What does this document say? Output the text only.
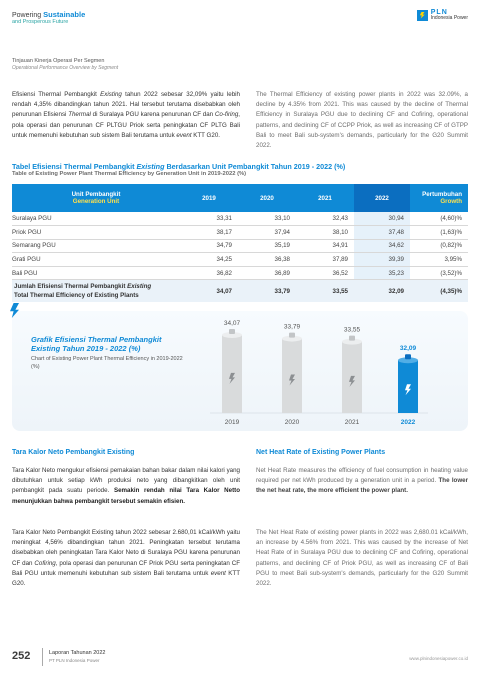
Powering Sustainable
and Prosperous Future
PLN
Indonesia Power
Tinjauan Kinerja Operasi Per Segmen
Operational Performance Overview by Segment
Efisiensi Thermal Pembangkit Existing tahun 2022 sebesar 32,09% yaitu lebih rendah 4,35% dibandingkan tahun 2021. Hal tersebut terutama disebabkan oleh penurunan Efisiensi Thermal di Suralaya PGU karena penurunan CF dan Co-firing, pola operasi dan penurunan CF PLTGU Priok serta peningkatan CF PLTG Bali untuk memenuhi kebutuhan sub sistem Bali terutama untuk event KTT G20.
The Thermal Efficiency of existing power plants in 2022 was 32.09%, a decline by 4.35% from 2021. This was caused by the decline of Thermal Efficiency in Suralaya PGU due to declining CF and Cofiring, operational patterns, and declining CF of CCPP Priok, as well as increasing CF of GTPP Bali to meet Bali sub-system's demands, particularly for the G20 Summit 2022.
Tabel Efisiensi Thermal Pembangkit Existing Berdasarkan Unit Pembangkit Tahun 2019 - 2022 (%)
Table of Existing Power Plant Thermal Efficiency by Generation Unit in 2019-2022 (%)
Unit Pembangkit
Generation Unit	2019	2020	2021	2022	Pertumbuhan
Growth

Suralaya PGU	33,31	33,10	32,43	30,94	(4,60)%
Priok PGU	38,17	37,94	38,10	37,48	(1,63)%
Semarang PGU	34,79	35,19	34,91	34,62	(0,82)%
Grati PGU	34,25	36,38	37,89	39,39	3,95%
Bali PGU	36,82	36,89	36,52	35,23	(3,52)%
Jumlah Efisiensi Thermal Pembangkit Existing
Total Thermal Efficiency of Existing Plants	34,07	33,79	33,55	32,09	(4,35)%
Grafik Efisiensi Thermal Pembangkit
Existing Tahun 2019 - 2022 (%)
Chart of Existing Power Plant Thermal Efficiency in 2019-2022 (%)
34,07
2019
33,79
2020
33,55
2021
32,09
2022
Tara Kalor Neto Pembangkit Existing	Net Heat Rate of Existing Power Plants
Tara Kalor Neto mengukur efisiensi pemakaian bahan bakar dalam nilai kalori yang dibutuhkan untuk setiap kWh produksi neto yang dibangkitkan oleh unit pembangkit pada suatu periode. Semakin rendah nilai Tara Kalor Netto menunjukkan bahwa pembangkit tersebut semakin efisien.
Net Heat Rate measures the efficiency of fuel consumption in heating value required per net kWh produced by a generation unit in a period. The lower the net heat rate, the more efficient the power plant.
Tara Kalor Neto Pembangkit Existing tahun 2022 sebesar 2.680,01 kCal/kWh yaitu meningkat 4,56% dibandingkan tahun 2021. Peningkatan tersebut terutama disebabkan oleh peningkatan Tara Kalor Neto di Suralaya PGU karena penurunan CF dan Cofiring, pola operasi dan penurunan CF Priok PGU serta peningkatan CF Bali PGU untuk memenuhi kebutuhan sub sistem Bali terutama untuk event KTT G20.
The Net Heat Rate of existing power plants in 2022 was 2,680.01 kCal/kWh, an increase by 4.56% from 2021. This was caused by the increase of Net Heat Rate of in Suralaya PGU due to declining CF and Cofiring, operational patterns, and declining CF of Priok PGU, as well as increasing CF of Bali PGU to meet Bali sub-system's demands, particularly for the G20 Summit 2022.
252	Laporan Tahunan 2022
PT PLN Indonesia Power	www.plnindonesiapower.co.id
